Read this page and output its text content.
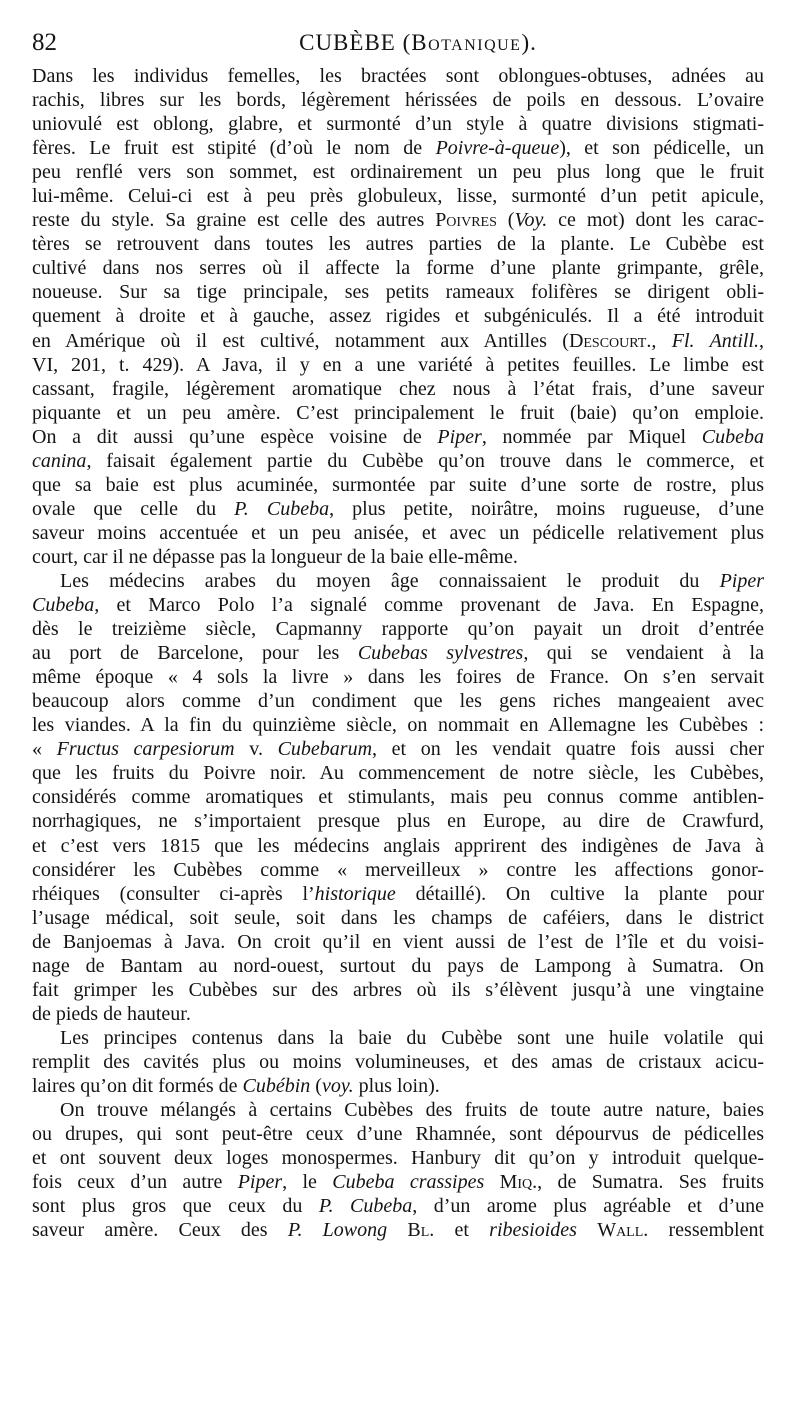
82	CUBÈBE (Botanique).
Dans les individus femelles, les bractées sont oblongues-obtuses, adnées au
rachis, libres sur les bords, légèrement hérissées de poils en dessous. L’ovaire
uniovulé est oblong, glabre, et surmonté d’un style à quatre divisions stigmati-
fères. Le fruit est stipité (d’où le nom de Poivre-à-queue), et son pédicelle, un
peu renflé vers son sommet, est ordinairement un peu plus long que le fruit
lui-même. Celui-ci est à peu près globuleux, lisse, surmonté d’un petit apicule,
reste du style. Sa graine est celle des autres Poivres (Voy. ce mot) dont les carac-
tères se retrouvent dans toutes les autres parties de la plante. Le Cubèbe est
cultivé dans nos serres où il affecte la forme d’une plante grimpante, grêle,
noueuse. Sur sa tige principale, ses petits rameaux folifères se dirigent obli-
quement à droite et à gauche, assez rigides et subgéniculés. Il a été introduit
en Amérique où il est cultivé, notamment aux Antilles (Descourt., Fl. Antill.,
VI, 201, t. 429). A Java, il y en a une variété à petites feuilles. Le limbe est
cassant, fragile, légèrement aromatique chez nous à l’état frais, d’une saveur
piquante et un peu amère. C’est principalement le fruit (baie) qu’on emploie.
On a dit aussi qu’une espèce voisine de Piper, nommée par Miquel Cubeba
canina, faisait également partie du Cubèbe qu’on trouve dans le commerce, et
que sa baie est plus acuminée, surmontée par suite d’une sorte de rostre, plus
ovale que celle du P. Cubeba, plus petite, noirâtre, moins rugueuse, d’une
saveur moins accentuée et un peu anisée, et avec un pédicelle relativement plus
court, car il ne dépasse pas la longueur de la baie elle-même.
Les médecins arabes du moyen âge connaissaient le produit du Piper
Cubeba, et Marco Polo l’a signalé comme provenant de Java. En Espagne,
dès le treizième siècle, Capmanny rapporte qu’on payait un droit d’entrée
au port de Barcelone, pour les Cubebas sylvestres, qui se vendaient à la
même époque « 4 sols la livre » dans les foires de France. On s’en servait
beaucoup alors comme d’un condiment que les gens riches mangeaient avec
les viandes. A la fin du quinzième siècle, on nommait en Allemagne les Cubèbes :
« Fructus carpesiorum v. Cubebarum, et on les vendait quatre fois aussi cher
que les fruits du Poivre noir. Au commencement de notre siècle, les Cubèbes,
considérés comme aromatiques et stimulants, mais peu connus comme antiblen-
norrhagiques, ne s’importaient presque plus en Europe, au dire de Crawfurd,
et c’est vers 1815 que les médecins anglais apprirent des indigènes de Java à
considérer les Cubèbes comme « merveilleux » contre les affections gonor-
rhéiques (consulter ci-après l’historique détaillé). On cultive la plante pour
l’usage médical, soit seule, soit dans les champs de caféiers, dans le district
de Banjoemas à Java. On croit qu’il en vient aussi de l’est de l’île et du voisi-
nage de Bantam au nord-ouest, surtout du pays de Lampong à Sumatra. On
fait grimper les Cubèbes sur des arbres où ils s’élèvent jusqu’à une vingtaine
de pieds de hauteur.
Les principes contenus dans la baie du Cubèbe sont une huile volatile qui
remplit des cavités plus ou moins volumineuses, et des amas de cristaux acicu-
laires qu’on dit formés de Cubébin (voy. plus loin).
On trouve mélangés à certains Cubèbes des fruits de toute autre nature, baies
ou drupes, qui sont peut-être ceux d’une Rhamnée, sont dépourvus de pédicelles
et ont souvent deux loges monospermes. Hanbury dit qu’on y introduit quelque-
fois ceux d’un autre Piper, le Cubeba crassipes Miq., de Sumatra. Ses fruits
sont plus gros que ceux du P. Cubeba, d’un arome plus agréable et d’une
saveur amère. Ceux des P. Lowong Bl. et ribesioides Wall. ressemblent
